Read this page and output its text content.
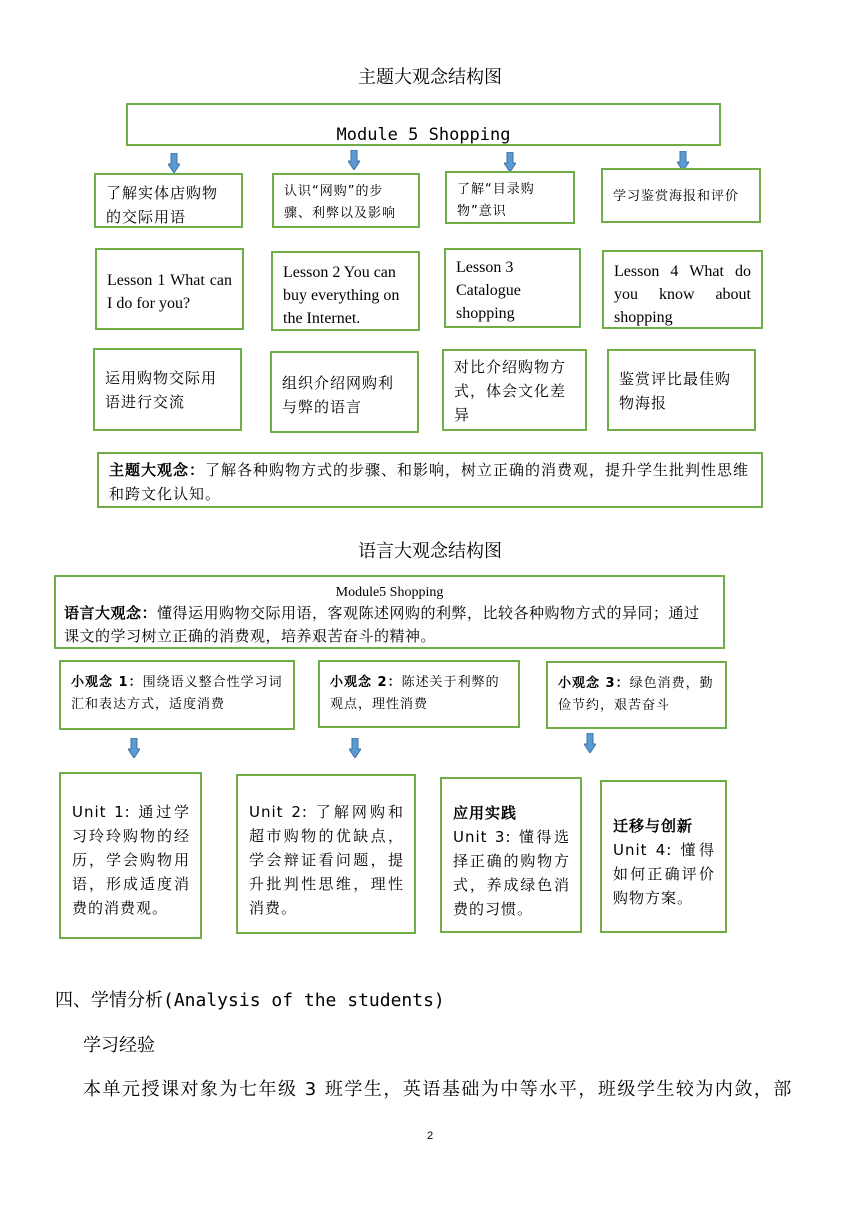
主题大观念结构图
Module 5 Shopping
了解实体店购物的交际用语
认识“网购”的步骤、利弊以及影响
了解“目录购物”意识
学习鉴赏海报和评价
Lesson 1 What can I do for you?
Lesson 2 You can buy everything on the Internet.
Lesson 3 Catalogue shopping
Lesson 4 What do you know about shopping
运用购物交际用语进行交流
组织介绍网购利与弊的语言
对比介绍购物方式，体会文化差异
鉴赏评比最佳购物海报
主题大观念：了解各种购物方式的步骤、和影响，树立正确的消费观，提升学生批判性思维和跨文化认知。
语言大观念结构图
Module5 Shopping
语言大观念：懂得运用购物交际用语，客观陈述网购的利弊，比较各种购物方式的异同；通过课文的学习树立正确的消费观，培养艰苦奋斗的精神。
小观念 1：围绕语义整合性学习词汇和表达方式，适度消费
小观念 2：陈述关于利弊的观点，理性消费
小观念 3：绿色消费，勤俭节约，艰苦奋斗
Unit 1: 通过学习玲玲购物的经历，学会购物用语，形成适度消费的消费观。
Unit 2: 了解网购和超市购物的优缺点，学会辩证看问题，提升批判性思维，理性消费。
应用实践
Unit 3: 懂得选择正确的购物方式，养成绿色消费的习惯。
迁移与创新
Unit 4: 懂得如何正确评价购物方案。
四、学情分析(Analysis of the students)
学习经验
本单元授课对象为七年级 3 班学生，英语基础为中等水平，班级学生较为内敛，部
2
